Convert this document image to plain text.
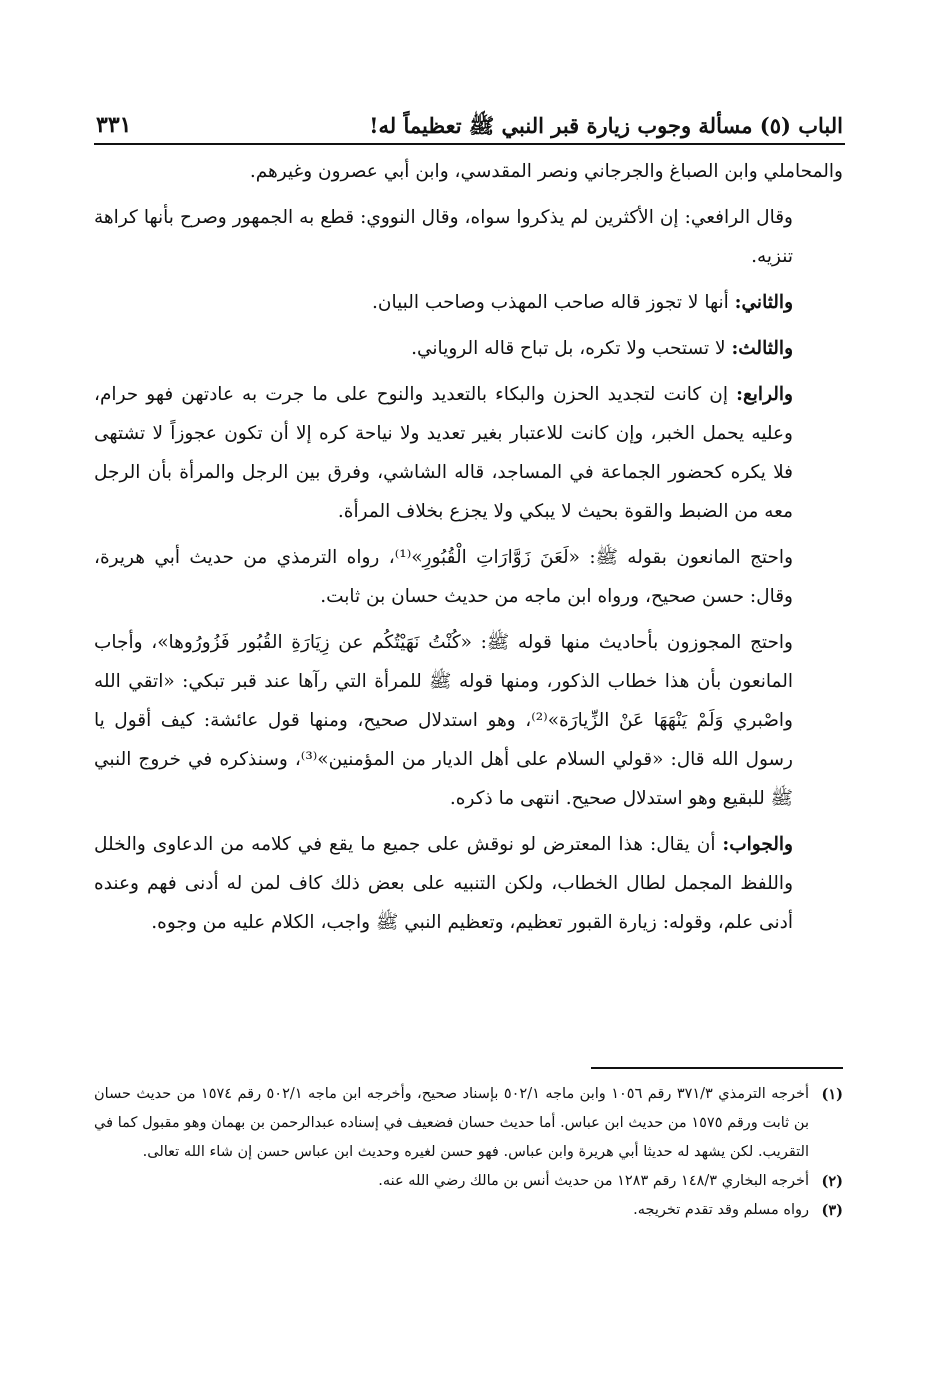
الباب (٥) مسألة وجوب زيارة قبر النبي ﷺ تعظيماً له!
٣٣١

والمحاملي وابن الصباغ والجرجاني ونصر المقدسي، وابن أبي عصرون وغيرهم.

وقال الرافعي: إن الأكثرين لم يذكروا سواه، وقال النووي: قطع به الجمهور وصرح بأنها كراهة تنزيه.

والثاني: أنها لا تجوز قاله صاحب المهذب وصاحب البيان.

والثالث: لا تستحب ولا تكره، بل تباح قاله الروياني.

والرابع: إن كانت لتجديد الحزن والبكاء بالتعديد والنوح على ما جرت به عادتهن فهو حرام، وعليه يحمل الخبر، وإن كانت للاعتبار بغير تعديد ولا نياحة كره إلا أن تكون عجوزاً لا تشتهى فلا يكره كحضور الجماعة في المساجد، قاله الشاشي، وفرق بين الرجل والمرأة بأن الرجل معه من الضبط والقوة بحيث لا يبكي ولا يجزع بخلاف المرأة.

واحتج المانعون بقوله ﷺ: «لَعَنَ زَوَّارَاتِ الْقُبُورِ»⁽¹⁾، رواه الترمذي من حديث أبي هريرة، وقال: حسن صحيح، ورواه ابن ماجه من حديث حسان بن ثابت.

واحتج المجوزون بأحاديث منها قوله ﷺ: «كُنْتُ نَهَيْتُكُم عن زِيَارَةِ القُبُور فَزُورُوها»، وأجاب المانعون بأن هذا خطاب الذكور، ومنها قوله ﷺ للمرأة التي رآها عند قبر تبكي: «اتقي الله واصْبري وَلَمْ يَنْهَهَا عَنْ الزِّيارَة»⁽²⁾، وهو استدلال صحيح، ومنها قول عائشة: كيف أقول يا رسول الله قال: «قولي السلام على أهل الديار من المؤمنين»⁽³⁾، وسنذكره في خروج النبي ﷺ للبقيع وهو استدلال صحيح. انتهى ما ذكره.

والجواب: أن يقال: هذا المعترض لو نوقش على جميع ما يقع في كلامه من الدعاوى والخلل واللفظ المجمل لطال الخطاب، ولكن التنبيه على بعض ذلك كاف لمن له أدنى فهم وعنده أدنى علم، وقوله: زيارة القبور تعظيم، وتعظيم النبي ﷺ واجب، الكلام عليه من وجوه.

(١)
أخرجه الترمذي ٣٧١/٣ رقم ١٠٥٦ وابن ماجه ٥٠٢/١ بإسناد صحيح، وأخرجه ابن ماجه ٥٠٢/١ رقم ١٥٧٤ من حديث حسان بن ثابت ورقم ١٥٧٥ من حديث ابن عباس. أما حديث حسان فضعيف في إسناده عبدالرحمن بن بهمان وهو مقبول كما في التقريب. لكن يشهد له حديثا أبي هريرة وابن عباس. فهو حسن لغيره وحديث ابن عباس حسن إن شاء الله تعالى.
(٢)
أخرجه البخاري ١٤٨/٣ رقم ١٢٨٣ من حديث أنس بن مالك رضي الله عنه.
(٣)
رواه مسلم وقد تقدم تخريجه.
